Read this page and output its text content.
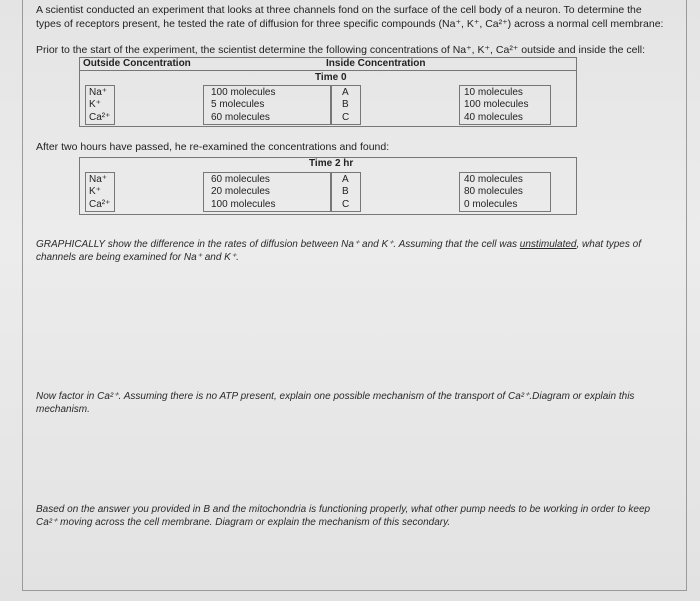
A scientist conducted an experiment that looks at three channels fond on the surface of the cell body of a neuron. To determine the types of receptors present, he tested the rate of diffusion for three specific compounds (Na⁺, K⁺, Ca²⁺) across a normal cell membrane:
Prior to the start of the experiment, the scientist determine the following concentrations of Na⁺, K⁺, Ca²⁺ outside and inside the cell:
Outside Concentration	Inside Concentration
Time 0
Na⁺
K⁺
Ca²⁺
100 molecules
5 molecules
60 molecules
A
B
C
10 molecules
100 molecules
40 molecules
After two hours have passed, he re-examined the concentrations and found:
Time 2 hr
Na⁺
K⁺
Ca²⁺
60 molecules
20 molecules
100 molecules
A
B
C
40 molecules
80 molecules
0 molecules
GRAPHICALLY show the difference in the rates of diffusion between Na⁺ and K⁺. Assuming that the cell was unstimulated, what types of channels are being examined for Na⁺ and K⁺.
Now factor in Ca²⁺. Assuming there is no ATP present, explain one possible mechanism of the transport of Ca²⁺.Diagram or explain this mechanism.
Based on the answer you provided in B and the mitochondria is functioning properly, what other pump needs to be working in order to keep Ca²⁺ moving across the cell membrane. Diagram or explain the mechanism of this secondary.
